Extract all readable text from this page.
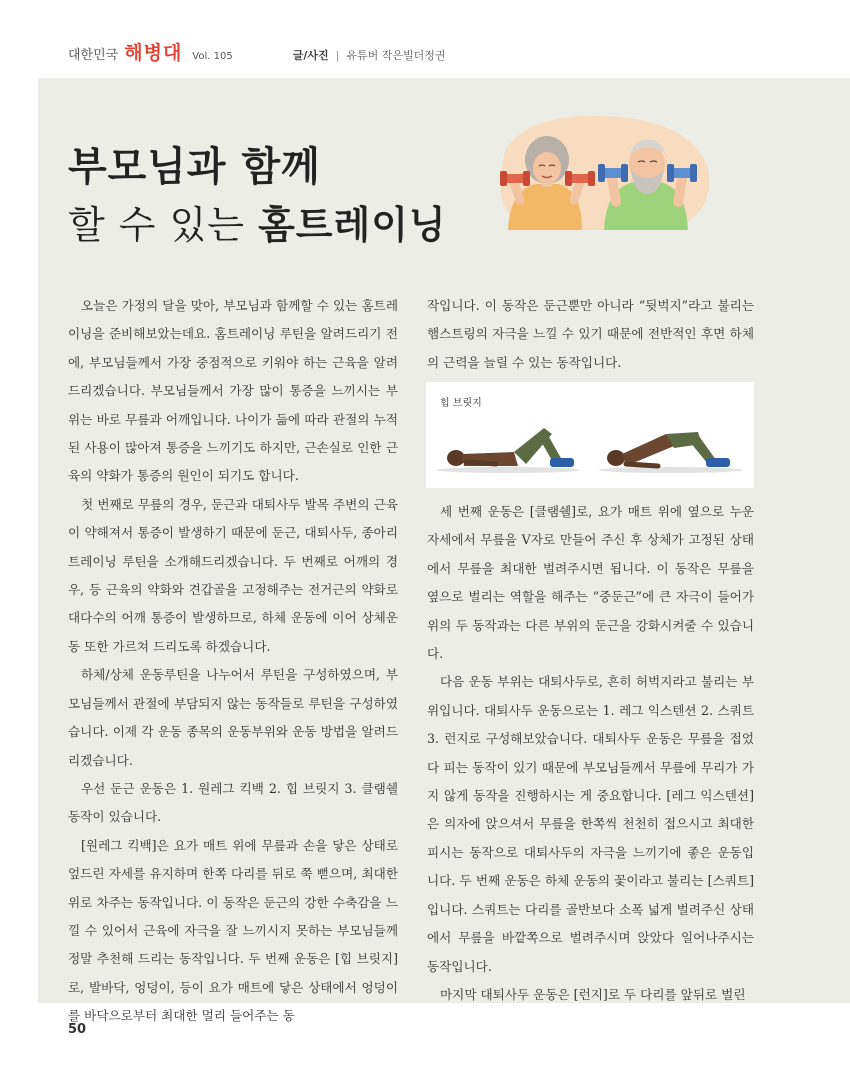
대한민국 해병대 Vol. 105	글/사진 | 유튜버 작은빌더정권
부모님과 함께
할 수 있는 홈트레이닝

오늘은 가정의 달을 맞아, 부모님과 함께할 수 있는 홈트레이닝을 준비해보았는데요. 홈트레이닝 루틴을 알려드리기 전에, 부모님들께서 가장 중점적으로 키워야 하는 근육을 알려드리겠습니다. 부모님들께서 가장 많이 통증을 느끼시는 부위는 바로 무릎과 어깨입니다. 나이가 듦에 따라 관절의 누적된 사용이 많아져 통증을 느끼기도 하지만, 근손실로 인한 근육의 약화가 통증의 원인이 되기도 합니다.

첫 번째로 무릎의 경우, 둔근과 대퇴사두 발목 주변의 근육이 약해져서 통증이 발생하기 때문에 둔근, 대퇴사두, 종아리 트레이닝 루틴을 소개해드리겠습니다. 두 번째로 어깨의 경우, 등 근육의 약화와 견갑골을 고정해주는 전거근의 약화로 대다수의 어깨 통증이 발생하므로, 하체 운동에 이어 상체운동 또한 가르쳐 드리도록 하겠습니다.

하체/상체 운동루틴을 나누어서 루틴을 구성하였으며, 부모님들께서 관절에 부담되지 않는 동작들로 루틴을 구성하였습니다. 이제 각 운동 종목의 운동부위와 운동 방법을 알려드리겠습니다.

우선 둔근 운동은 1. 원레그 킥백 2. 힙 브릿지 3. 클램쉘 동작이 있습니다.

[원레그 킥백]은 요가 매트 위에 무릎과 손을 닿은 상태로 엎드린 자세를 유지하며 한쪽 다리를 뒤로 쭉 뻗으며, 최대한 위로 차주는 동작입니다. 이 동작은 둔근의 강한 수축감을 느낄 수 있어서 근육에 자극을 잘 느끼시지 못하는 부모님들께 정말 추천해 드리는 동작입니다. 두 번째 운동은 [힙 브릿지]로, 발바닥, 엉덩이, 등이 요가 매트에 닿은 상태에서 엉덩이를 바닥으로부터 최대한 멀리 들어주는 동

작입니다. 이 동작은 둔근뿐만 아니라 “뒷벅지”라고 불리는 햄스트링의 자극을 느낄 수 있기 때문에 전반적인 후면 하체의 근력을 늘릴 수 있는 동작입니다.

힙 브릿지

세 번째 운동은 [클램쉘]로, 요가 매트 위에 옆으로 누운 자세에서 무릎을 V자로 만들어 주신 후 상체가 고정된 상태에서 무릎을 최대한 벌려주시면 됩니다. 이 동작은 무릎을 옆으로 벌리는 역할을 해주는 “중둔근”에 큰 자극이 들어가 위의 두 동작과는 다른 부위의 둔근을 강화시켜줄 수 있습니다.

다음 운동 부위는 대퇴사두로, 흔히 허벅지라고 불리는 부위입니다. 대퇴사두 운동으로는 1. 레그 익스텐션 2. 스쿼트 3. 런지로 구성해보았습니다. 대퇴사두 운동은 무릎을 접었다 피는 동작이 있기 때문에 부모님들께서 무릎에 무리가 가지 않게 동작을 진행하시는 게 중요합니다. [레그 익스텐션]은 의자에 앉으셔서 무릎을 한쪽씩 천천히 접으시고 최대한 피시는 동작으로 대퇴사두의 자극을 느끼기에 좋은 운동입니다. 두 번째 운동은 하체 운동의 꽃이라고 불리는 [스쿼트]입니다. 스쿼트는 다리를 골반보다 소폭 넓게 벌려주신 상태에서 무릎을 바깥쪽으로 벌려주시며 앉았다 일어나주시는 동작입니다.

마지막 대퇴사두 운동은 [런지]로 두 다리를 앞뒤로 벌린

50
